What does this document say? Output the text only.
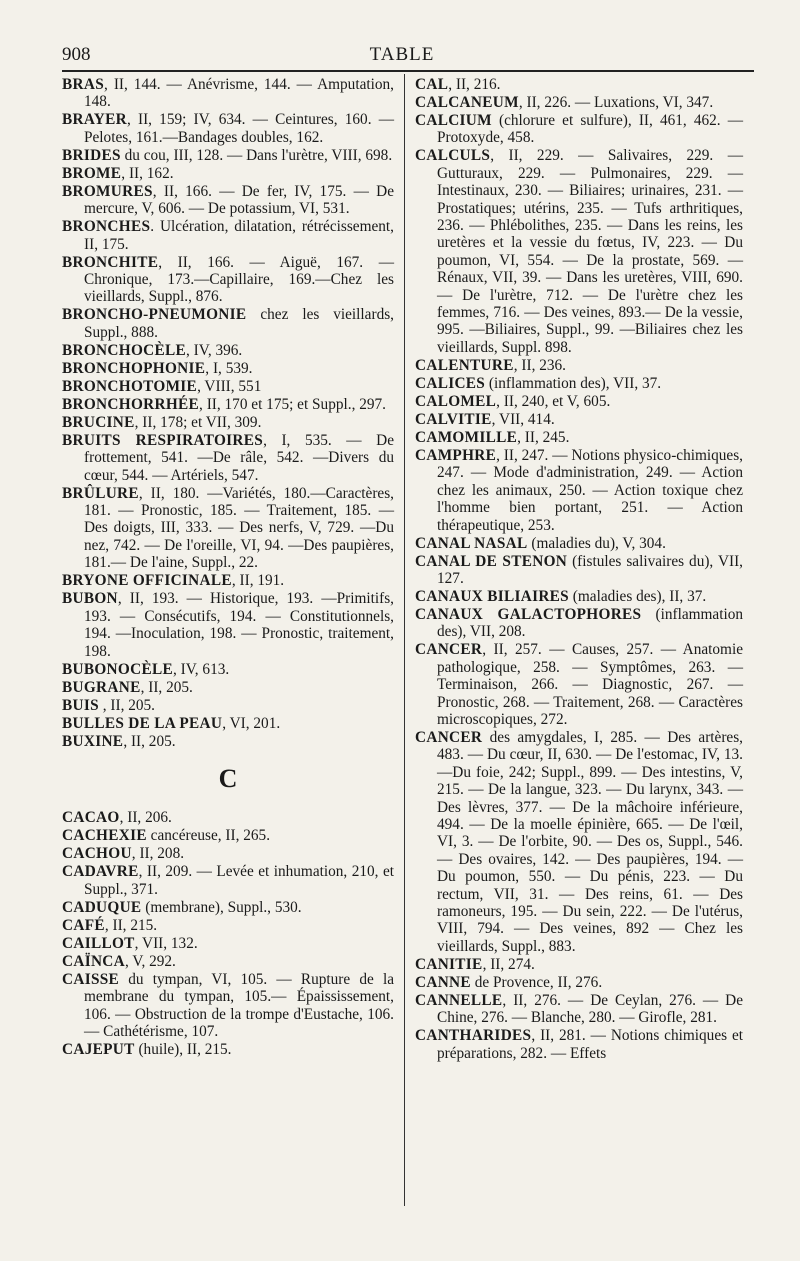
908	TABLE
BRAS, II, 144. — Anévrisme, 144. — Amputation, 148.
BRAYER, II, 159; IV, 634. — Ceintures, 160. — Pelotes, 161.—Bandages doubles, 162.
BRIDES du cou, III, 128. — Dans l'urètre, VIII, 698.
BROME, II, 162.
BROMURES, II, 166. — De fer, IV, 175. — De mercure, V, 606. — De potassium, VI, 531.
BRONCHES. Ulcération, dilatation, rétrécissement, II, 175.
BRONCHITE, II, 166. — Aiguë, 167. — Chronique, 173.—Capillaire, 169.—Chez les vieillards, Suppl., 876.
BRONCHO-PNEUMONIE chez les vieillards, Suppl., 888.
BRONCHOCÈLE, IV, 396.
BRONCHOPHONIE, I, 539.
BRONCHOTOMIE, VIII, 551
BRONCHORRHÉE, II, 170 et 175; et Suppl., 297.
BRUCINE, II, 178; et VII, 309.
BRUITS RESPIRATOIRES, I, 535. — De frottement, 541. —De râle, 542. —Divers du cœur, 544. — Artériels, 547.
BRÛLURE, II, 180. —Variétés, 180.—Caractères, 181. — Pronostic, 185. — Traitement, 185. — Des doigts, III, 333. — Des nerfs, V, 729. —Du nez, 742. — De l'oreille, VI, 94. —Des paupières, 181.— De l'aine, Suppl., 22.
BRYONE OFFICINALE, II, 191.
BUBON, II, 193. — Historique, 193. —Primitifs, 193. — Consécutifs, 194. — Constitutionnels, 194. —Inoculation, 198. — Pronostic, traitement, 198.
BUBONOCÈLE, IV, 613.
BUGRANE, II, 205.
BUIS , II, 205.
BULLES DE LA PEAU, VI, 201.
BUXINE, II, 205.
C
CACAO, II, 206.
CACHEXIE cancéreuse, II, 265.
CACHOU, II, 208.
CADAVRE, II, 209. — Levée et inhumation, 210, et Suppl., 371.
CADUQUE (membrane), Suppl., 530.
CAFÉ, II, 215.
CAILLOT, VII, 132.
CAÏNCA, V, 292.
CAISSE du tympan, VI, 105. — Rupture de la membrane du tympan, 105.— Épaississement, 106. — Obstruction de la trompe d'Eustache, 106. — Cathétérisme, 107.
CAJEPUT (huile), II, 215.
CAL, II, 216.
CALCANEUM, II, 226. — Luxations, VI, 347.
CALCIUM (chlorure et sulfure), II, 461, 462. — Protoxyde, 458.
CALCULS, II, 229. — Salivaires, 229. — Gutturaux, 229. — Pulmonaires, 229. — Intestinaux, 230. — Biliaires; urinaires, 231. — Prostatiques; utérins, 235. — Tufs arthritiques, 236. — Phlébolithes, 235. — Dans les reins, les uretères et la vessie du fœtus, IV, 223. — Du poumon, VI, 554. — De la prostate, 569. — Rénaux, VII, 39. — Dans les uretères, VIII, 690. — De l'urètre, 712. — De l'urètre chez les femmes, 716. — Des veines, 893.— De la vessie, 995. —Biliaires, Suppl., 99. —Biliaires chez les vieillards, Suppl. 898.
CALENTURE, II, 236.
CALICES (inflammation des), VII, 37.
CALOMEL, II, 240, et V, 605.
CALVITIE, VII, 414.
CAMOMILLE, II, 245.
CAMPHRE, II, 247. — Notions physico-chimiques, 247. — Mode d'administration, 249. — Action chez les animaux, 250. — Action toxique chez l'homme bien portant, 251. — Action thérapeutique, 253.
CANAL NASAL (maladies du), V, 304.
CANAL DE STENON (fistules salivaires du), VII, 127.
CANAUX BILIAIRES (maladies des), II, 37.
CANAUX GALACTOPHORES (inflammation des), VII, 208.
CANCER, II, 257. — Causes, 257. — Anatomie pathologique, 258. — Symptômes, 263. — Terminaison, 266. — Diagnostic, 267. — Pronostic, 268. — Traitement, 268. — Caractères microscopiques, 272.
CANCER des amygdales, I, 285. — Des artères, 483. — Du cœur, II, 630. — De l'estomac, IV, 13.—Du foie, 242; Suppl., 899. — Des intestins, V, 215. — De la langue, 323. — Du larynx, 343. — Des lèvres, 377. — De la mâchoire inférieure, 494. — De la moelle épinière, 665. — De l'œil, VI, 3. — De l'orbite, 90. — Des os, Suppl., 546. — Des ovaires, 142. — Des paupières, 194. — Du poumon, 550. — Du pénis, 223. — Du rectum, VII, 31. — Des reins, 61. — Des ramoneurs, 195. — Du sein, 222. — De l'utérus, VIII, 794. — Des veines, 892 — Chez les vieillards, Suppl., 883.
CANITIE, II, 274.
CANNE de Provence, II, 276.
CANNELLE, II, 276. — De Ceylan, 276. — De Chine, 276. — Blanche, 280. — Girofle, 281.
CANTHARIDES, II, 281. — Notions chimiques et préparations, 282. — Effets
